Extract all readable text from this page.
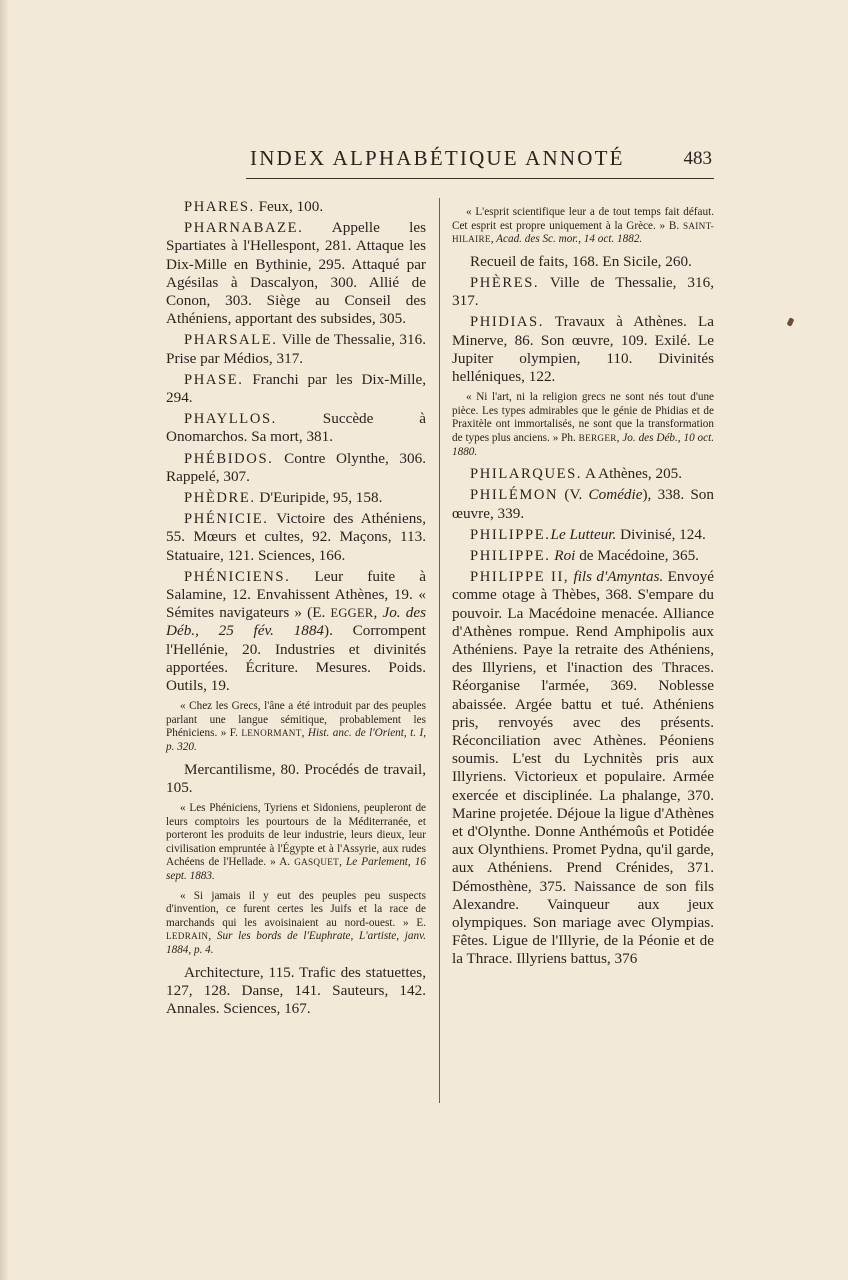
INDEX ALPHABÉTIQUE ANNOTÉ	483

PHARES. Feux, 100.

PHARNABAZE. Appelle les Spartiates à l'Hellespont, 281. Attaque les Dix-Mille en Bythinie, 295. Attaqué par Agésilas à Dascalyon, 300. Allié de Conon, 303. Siège au Conseil des Athéniens, apportant des subsides, 305.

PHARSALE. Ville de Thessalie, 316. Prise par Médios, 317.

PHASE. Franchi par les Dix-Mille, 294.

PHAYLLOS. Succède à Onomarchos. Sa mort, 381.

PHÉBIDOS. Contre Olynthe, 306. Rappelé, 307.

PHÈDRE. D'Euripide, 95, 158.

PHÉNICIE. Victoire des Athéniens, 55. Mœurs et cultes, 92. Maçons, 113. Statuaire, 121. Sciences, 166.

PHÉNICIENS. Leur fuite à Salamine, 12. Envahissent Athènes, 19. « Sémites navigateurs » (E. EGGER, Jo. des Déb., 25 fév. 1884). Corrompent l'Hellénie, 20. Industries et divinités apportées. Écriture. Mesures. Poids. Outils, 19.

« Chez les Grecs, l'âne a été introduit par des peuples parlant une langue sémitique, probablement les Phéniciens. » F. LENORMANT, Hist. anc. de l'Orient, t. I, p. 320.

Mercantilisme, 80. Procédés de travail, 105.

« Les Phéniciens, Tyriens et Sidoniens, peupleront de leurs comptoirs les pourtours de la Méditerranée, et porteront les produits de leur industrie, leurs dieux, leur civilisation empruntée à l'Égypte et à l'Assyrie, aux rudes Achéens de l'Hellade. » A. GASQUET, Le Parlement, 16 sept. 1883.

« Si jamais il y eut des peuples peu suspects d'invention, ce furent certes les Juifs et la race de marchands qui les avoisinaient au nord-ouest. » E. LEDRAIN, Sur les bords de l'Euphrate, L'artiste, janv. 1884, p. 4.

Architecture, 115. Trafic des statuettes, 127, 128. Danse, 141. Sauteurs, 142. Annales. Sciences, 167.

« L'esprit scientifique leur a de tout temps fait défaut. Cet esprit est propre uniquement à la Grèce. » B. SAINT-HILAIRE, Acad. des Sc. mor., 14 oct. 1882.

Recueil de faits, 168. En Sicile, 260.

PHÈRES. Ville de Thessalie, 316, 317.

PHIDIAS. Travaux à Athènes. La Minerve, 86. Son œuvre, 109. Exilé. Le Jupiter olympien, 110. Divinités helléniques, 122.

« Ni l'art, ni la religion grecs ne sont nés tout d'une pièce. Les types admirables que le génie de Phidias et de Praxitèle ont immortalisés, ne sont que la transformation de types plus anciens. » Ph. BERGER, Jo. des Déb., 10 oct. 1880.

PHILARQUES. A Athènes, 205.

PHILÉMON (V. Comédie), 338. Son œuvre, 339.

PHILIPPE.Le Lutteur. Divinisé, 124.

PHILIPPE. Roi de Macédoine, 365.

PHILIPPE II, fils d'Amyntas. Envoyé comme otage à Thèbes, 368. S'empare du pouvoir. La Macédoine menacée. Alliance d'Athènes rompue. Rend Amphipolis aux Athéniens. Paye la retraite des Athéniens, des Illyriens, et l'inaction des Thraces. Réorganise l'armée, 369. Noblesse abaissée. Argée battu et tué. Athéniens pris, renvoyés avec des présents. Réconciliation avec Athènes. Péoniens soumis. L'est du Lychnitès pris aux Illyriens. Victorieux et populaire. Armée exercée et disciplinée. La phalange, 370. Marine projetée. Déjoue la ligue d'Athènes et d'Olynthe. Donne Anthémoûs et Potidée aux Olynthiens. Promet Pydna, qu'il garde, aux Athéniens. Prend Crénides, 371. Démosthène, 375. Naissance de son fils Alexandre. Vainqueur aux jeux olympiques. Son mariage avec Olympias. Fêtes. Ligue de l'Illyrie, de la Péonie et de la Thrace. Illyriens battus, 376
